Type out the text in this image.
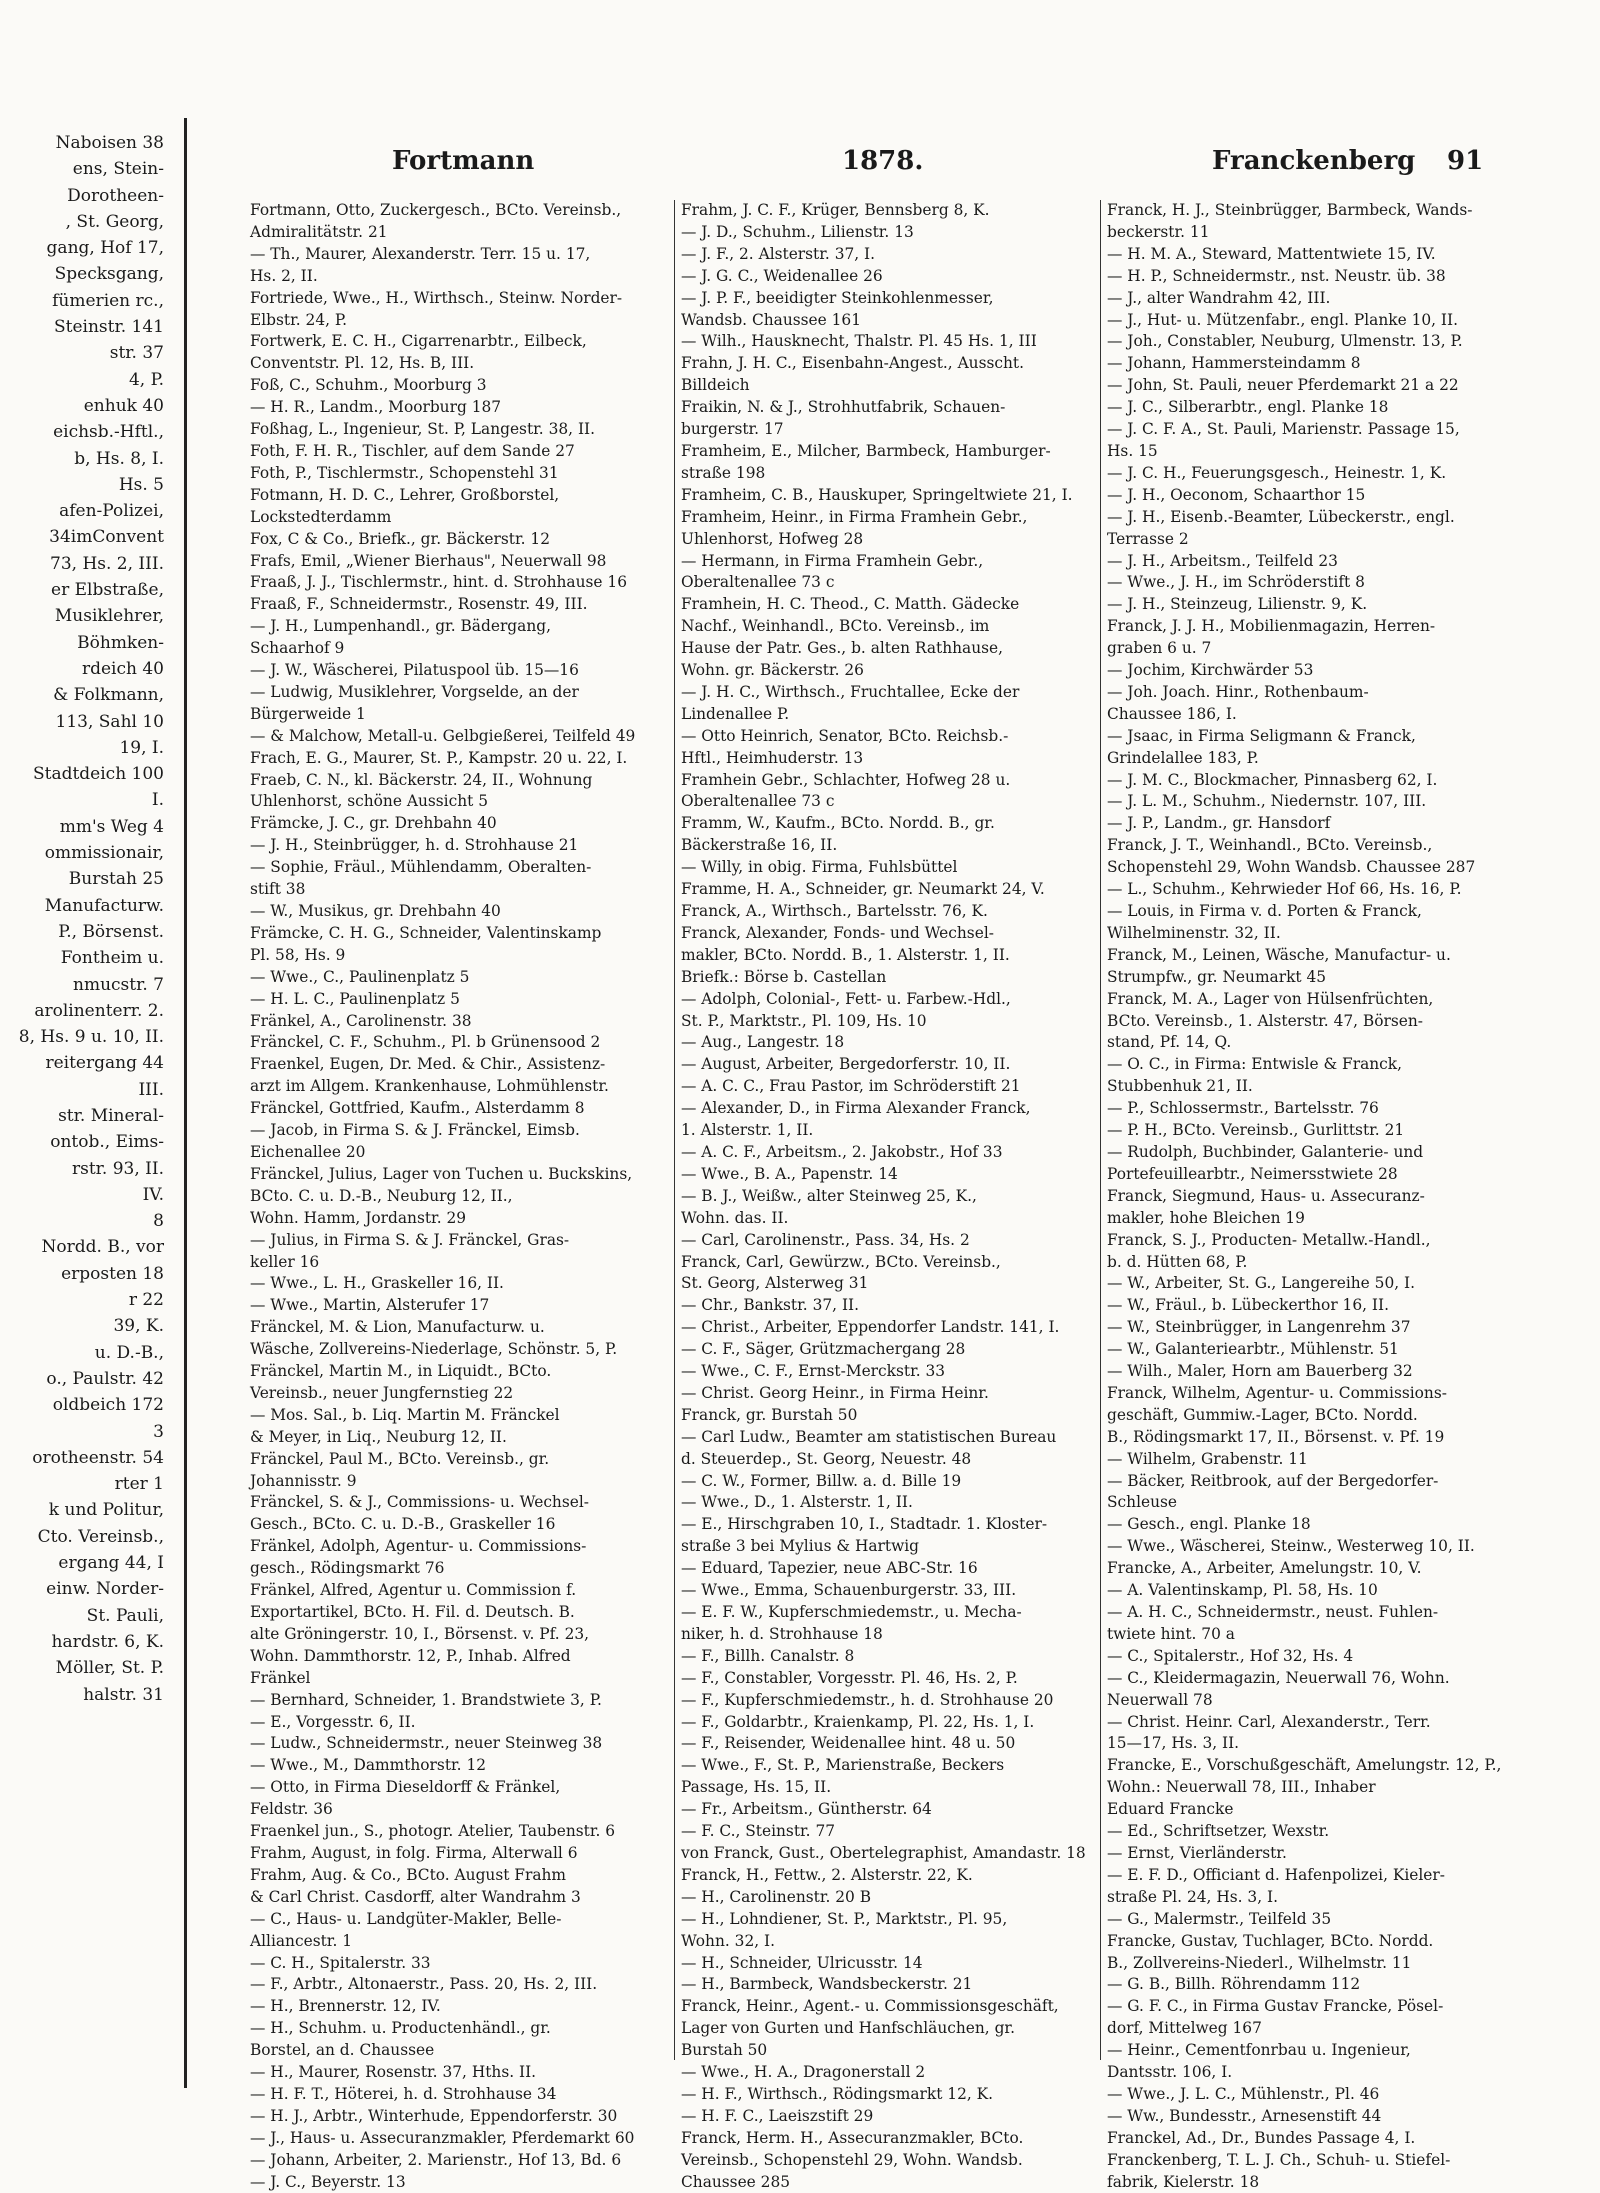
Naboisen 38
ens, Stein-
Dorotheen-
, St. Georg,
gang, Hof 17,
Specksgang,
fümerien rc.,
Steinstr. 141
str. 37
4, P.
enhuk 40
eichsb.-Hftl.,
b, Hs. 8, I.
Hs. 5
afen-Polizei,
34imConvent
73, Hs. 2, III.
er Elbstraße,
Musiklehrer,
Böhmken-
rdeich 40
& Folkmann,
113, Sahl 10
19, I.
Stadtdeich 100
I.
mm's Weg 4
ommissionair,
Burstah 25
Manufacturw.
P., Börsenst.
Fontheim u.
nmucstr. 7
arolinenterr. 2.
8, Hs. 9 u. 10, II.
reitergang 44
III.
str. Mineral-
ontob., Eims-
rstr. 93, II.
IV.
8
Nordd. B., vor
erposten 18
r 22
39, K.
u. D.-B.,
o., Paulstr. 42
oldbeich 172
3
orotheenstr. 54
rter 1
k und Politur,
Cto. Vereinsb.,
ergang 44, I
einw. Norder-
St. Pauli,
hardstr. 6, K.
Möller, St. P.
halstr. 31
Fortmann	1878.	Franckenberg 91
Fortmann, Otto, Zuckergesch., BCto. Vereinsb.,
Admiralitätstr. 21
— Th., Maurer, Alexanderstr. Terr. 15 u. 17,
Hs. 2, II.
Fortriede, Wwe., H., Wirthsch., Steinw. Norder-
Elbstr. 24, P.
Fortwerk, E. C. H., Cigarrenarbtr., Eilbeck,
Conventstr. Pl. 12, Hs. B, III.
Foß, C., Schuhm., Moorburg 3
— H. R., Landm., Moorburg 187
Foßhag, L., Ingenieur, St. P, Langestr. 38, II.
Foth, F. H. R., Tischler, auf dem Sande 27
Foth, P., Tischlermstr., Schopenstehl 31
Fotmann, H. D. C., Lehrer, Großborstel,
Lockstedterdamm
Fox, C & Co., Briefk., gr. Bäckerstr. 12
Frafs, Emil, „Wiener Bierhaus", Neuerwall 98
Fraaß, J. J., Tischlermstr., hint. d. Strohhause 16
Fraaß, F., Schneidermstr., Rosenstr. 49, III.
— J. H., Lumpenhandl., gr. Bädergang,
Schaarhof 9
— J. W., Wäscherei, Pilatuspool üb. 15—16
— Ludwig, Musiklehrer, Vorgselde, an der
Bürgerweide 1
— & Malchow, Metall-u. Gelbgießerei, Teilfeld 49
Frach, E. G., Maurer, St. P., Kampstr. 20 u. 22, I.
Fraeb, C. N., kl. Bäckerstr. 24, II., Wohnung
Uhlenhorst, schöne Aussicht 5
Främcke, J. C., gr. Drehbahn 40
— J. H., Steinbrügger, h. d. Strohhause 21
— Sophie, Fräul., Mühlendamm, Oberalten-
stift 38
— W., Musikus, gr. Drehbahn 40
Främcke, C. H. G., Schneider, Valentinskamp
Pl. 58, Hs. 9
— Wwe., C., Paulinenplatz 5
— H. L. C., Paulinenplatz 5
Fränkel, A., Carolinenstr. 38
Fränckel, C. F., Schuhm., Pl. b Grünensood 2
Fraenkel, Eugen, Dr. Med. & Chir., Assistenz-
arzt im Allgem. Krankenhause, Lohmühlenstr.
Fränckel, Gottfried, Kaufm., Alsterdamm 8
— Jacob, in Firma S. & J. Fränckel, Eimsb.
Eichenallee 20
Fränckel, Julius, Lager von Tuchen u. Buckskins,
BCto. C. u. D.-B., Neuburg 12, II.,
Wohn. Hamm, Jordanstr. 29
— Julius, in Firma S. & J. Fränckel, Gras-
keller 16
— Wwe., L. H., Graskeller 16, II.
— Wwe., Martin, Alsterufer 17
Fränckel, M. & Lion, Manufacturw. u.
Wäsche, Zollvereins-Niederlage, Schönstr. 5, P.
Fränckel, Martin M., in Liquidt., BCto.
Vereinsb., neuer Jungfernstieg 22
— Mos. Sal., b. Liq. Martin M. Fränckel
& Meyer, in Liq., Neuburg 12, II.
Fränckel, Paul M., BCto. Vereinsb., gr.
Johannisstr. 9
Fränckel, S. & J., Commissions- u. Wechsel-
Gesch., BCto. C. u. D.-B., Graskeller 16
Fränkel, Adolph, Agentur- u. Commissions-
gesch., Rödingsmarkt 76
Fränkel, Alfred, Agentur u. Commission f.
Exportartikel, BCto. H. Fil. d. Deutsch. B.
alte Gröningerstr. 10, I., Börsenst. v. Pf. 23,
Wohn. Dammthorstr. 12, P., Inhab. Alfred
Fränkel
— Bernhard, Schneider, 1. Brandstwiete 3, P.
— E., Vorgesstr. 6, II.
— Ludw., Schneidermstr., neuer Steinweg 38
— Wwe., M., Dammthorstr. 12
— Otto, in Firma Dieseldorff & Fränkel,
Feldstr. 36
Fraenkel jun., S., photogr. Atelier, Taubenstr. 6
Frahm, August, in folg. Firma, Alterwall 6
Frahm, Aug. & Co., BCto. August Frahm
& Carl Christ. Casdorff, alter Wandrahm 3
— C., Haus- u. Landgüter-Makler, Belle-
Alliancestr. 1
— C. H., Spitalerstr. 33
— F., Arbtr., Altonaerstr., Pass. 20, Hs. 2, III.
— H., Brennerstr. 12, IV.
— H., Schuhm. u. Productenhändl., gr.
Borstel, an d. Chaussee
— H., Maurer, Rosenstr. 37, Hths. II.
— H. F. T., Höterei, h. d. Strohhause 34
— H. J., Arbtr., Winterhude, Eppendorferstr. 30
— J., Haus- u. Assecuranzmakler, Pferdemarkt 60
— Johann, Arbeiter, 2. Marienstr., Hof 13, Bd. 6
— J. C., Beyerstr. 13
Frahm, J. C. F., Krüger, Bennsberg 8, K.
— J. D., Schuhm., Lilienstr. 13
— J. F., 2. Alsterstr. 37, I.
— J. G. C., Weidenallee 26
— J. P. F., beeidigter Steinkohlenmesser,
Wandsb. Chaussee 161
— Wilh., Hausknecht, Thalstr. Pl. 45 Hs. 1, III
Frahn, J. H. C., Eisenbahn-Angest., Ausscht.
Billdeich
Fraikin, N. & J., Strohhutfabrik, Schauen-
burgerstr. 17
Framheim, E., Milcher, Barmbeck, Hamburger-
straße 198
Framheim, C. B., Hauskuper, Springeltwiete 21, I.
Framheim, Heinr., in Firma Framhein Gebr.,
Uhlenhorst, Hofweg 28
— Hermann, in Firma Framhein Gebr.,
Oberaltenallee 73 c
Framhein, H. C. Theod., C. Matth. Gädecke
Nachf., Weinhandl., BCto. Vereinsb., im
Hause der Patr. Ges., b. alten Rathhause,
Wohn. gr. Bäckerstr. 26
— J. H. C., Wirthsch., Fruchtallee, Ecke der
Lindenallee P.
— Otto Heinrich, Senator, BCto. Reichsb.-
Hftl., Heimhuderstr. 13
Framhein Gebr., Schlachter, Hofweg 28 u.
Oberaltenallee 73 c
Framm, W., Kaufm., BCto. Nordd. B., gr.
Bäckerstraße 16, II.
— Willy, in obig. Firma, Fuhlsbüttel
Framme, H. A., Schneider, gr. Neumarkt 24, V.
Franck, A., Wirthsch., Bartelsstr. 76, K.
Franck, Alexander, Fonds- und Wechsel-
makler, BCto. Nordd. B., 1. Alsterstr. 1, II.
Briefk.: Börse b. Castellan
— Adolph, Colonial-, Fett- u. Farbew.-Hdl.,
St. P., Marktstr., Pl. 109, Hs. 10
— Aug., Langestr. 18
— August, Arbeiter, Bergedorferstr. 10, II.
— A. C. C., Frau Pastor, im Schröderstift 21
— Alexander, D., in Firma Alexander Franck,
1. Alsterstr. 1, II.
— A. C. F., Arbeitsm., 2. Jakobstr., Hof 33
— Wwe., B. A., Papenstr. 14
— B. J., Weißw., alter Steinweg 25, K.,
Wohn. das. II.
— Carl, Carolinenstr., Pass. 34, Hs. 2
Franck, Carl, Gewürzw., BCto. Vereinsb.,
St. Georg, Alsterweg 31
— Chr., Bankstr. 37, II.
— Christ., Arbeiter, Eppendorfer Landstr. 141, I.
— C. F., Säger, Grützmachergang 28
— Wwe., C. F., Ernst-Merckstr. 33
— Christ. Georg Heinr., in Firma Heinr.
Franck, gr. Burstah 50
— Carl Ludw., Beamter am statistischen Bureau
d. Steuerdep., St. Georg, Neuestr. 48
— C. W., Former, Billw. a. d. Bille 19
— Wwe., D., 1. Alsterstr. 1, II.
— E., Hirschgraben 10, I., Stadtadr. 1. Kloster-
straße 3 bei Mylius & Hartwig
— Eduard, Tapezier, neue ABC-Str. 16
— Wwe., Emma, Schauenburgerstr. 33, III.
— E. F. W., Kupferschmiedemstr., u. Mecha-
niker, h. d. Strohhause 18
— F., Billh. Canalstr. 8
— F., Constabler, Vorgesstr. Pl. 46, Hs. 2, P.
— F., Kupferschmiedemstr., h. d. Strohhause 20
— F., Goldarbtr., Kraienkamp, Pl. 22, Hs. 1, I.
— F., Reisender, Weidenallee hint. 48 u. 50
— Wwe., F., St. P., Marienstraße, Beckers
Passage, Hs. 15, II.
— Fr., Arbeitsm., Güntherstr. 64
— F. C., Steinstr. 77
von Franck, Gust., Obertelegraphist, Amandastr. 18
Franck, H., Fettw., 2. Alsterstr. 22, K.
— H., Carolinenstr. 20 B
— H., Lohndiener, St. P., Marktstr., Pl. 95,
Wohn. 32, I.
— H., Schneider, Ulricusstr. 14
— H., Barmbeck, Wandsbeckerstr. 21
Franck, Heinr., Agent.- u. Commissionsgeschäft,
Lager von Gurten und Hanfschläuchen, gr.
Burstah 50
— Wwe., H. A., Dragonerstall 2
— H. F., Wirthsch., Rödingsmarkt 12, K.
— H. F. C., Laeiszstift 29
Franck, Herm. H., Assecuranzmakler, BCto.
Vereinsb., Schopenstehl 29, Wohn. Wandsb.
Chaussee 285
Franck, H. J., Steinbrügger, Barmbeck, Wands-
beckerstr. 11
— H. M. A., Steward, Mattentwiete 15, IV.
— H. P., Schneidermstr., nst. Neustr. üb. 38
— J., alter Wandrahm 42, III.
— J., Hut- u. Mützenfabr., engl. Planke 10, II.
— Joh., Constabler, Neuburg, Ulmenstr. 13, P.
— Johann, Hammersteindamm 8
— John, St. Pauli, neuer Pferdemarkt 21 a 22
— J. C., Silberarbtr., engl. Planke 18
— J. C. F. A., St. Pauli, Marienstr. Passage 15,
Hs. 15
— J. C. H., Feuerungsgesch., Heinestr. 1, K.
— J. H., Oeconom, Schaarthor 15
— J. H., Eisenb.-Beamter, Lübeckerstr., engl.
Terrasse 2
— J. H., Arbeitsm., Teilfeld 23
— Wwe., J. H., im Schröderstift 8
— J. H., Steinzeug, Lilienstr. 9, K.
Franck, J. J. H., Mobilienmagazin, Herren-
graben 6 u. 7
— Jochim, Kirchwärder 53
— Joh. Joach. Hinr., Rothenbaum-
Chaussee 186, I.
— Jsaac, in Firma Seligmann & Franck,
Grindelallee 183, P.
— J. M. C., Blockmacher, Pinnasberg 62, I.
— J. L. M., Schuhm., Niedernstr. 107, III.
— J. P., Landm., gr. Hansdorf
Franck, J. T., Weinhandl., BCto. Vereinsb.,
Schopenstehl 29, Wohn Wandsb. Chaussee 287
— L., Schuhm., Kehrwieder Hof 66, Hs. 16, P.
— Louis, in Firma v. d. Porten & Franck,
Wilhelminenstr. 32, II.
Franck, M., Leinen, Wäsche, Manufactur- u.
Strumpfw., gr. Neumarkt 45
Franck, M. A., Lager von Hülsenfrüchten,
BCto. Vereinsb., 1. Alsterstr. 47, Börsen-
stand, Pf. 14, Q.
— O. C., in Firma: Entwisle & Franck,
Stubbenhuk 21, II.
— P., Schlossermstr., Bartelsstr. 76
— P. H., BCto. Vereinsb., Gurlittstr. 21
— Rudolph, Buchbinder, Galanterie- und
Portefeuillearbtr., Neimersstwiete 28
Franck, Siegmund, Haus- u. Assecuranz-
makler, hohe Bleichen 19
Franck, S. J., Producten- Metallw.-Handl.,
b. d. Hütten 68, P.
— W., Arbeiter, St. G., Langereihe 50, I.
— W., Fräul., b. Lübeckerthor 16, II.
— W., Steinbrügger, in Langenrehm 37
— W., Galanteriearbtr., Mühlenstr. 51
— Wilh., Maler, Horn am Bauerberg 32
Franck, Wilhelm, Agentur- u. Commissions-
geschäft, Gummiw.-Lager, BCto. Nordd.
B., Rödingsmarkt 17, II., Börsenst. v. Pf. 19
— Wilhelm, Grabenstr. 11
— Bäcker, Reitbrook, auf der Bergedorfer-
Schleuse
— Gesch., engl. Planke 18
— Wwe., Wäscherei, Steinw., Westerweg 10, II.
Francke, A., Arbeiter, Amelungstr. 10, V.
— A. Valentinskamp, Pl. 58, Hs. 10
— A. H. C., Schneidermstr., neust. Fuhlen-
twiete hint. 70 a
— C., Spitalerstr., Hof 32, Hs. 4
— C., Kleidermagazin, Neuerwall 76, Wohn.
Neuerwall 78
— Christ. Heinr. Carl, Alexanderstr., Terr.
15—17, Hs. 3, II.
Francke, E., Vorschußgeschäft, Amelungstr. 12, P.,
Wohn.: Neuerwall 78, III., Inhaber
Eduard Francke
— Ed., Schriftsetzer, Wexstr.
— Ernst, Vierländerstr.
— E. F. D., Officiant d. Hafenpolizei, Kieler-
straße Pl. 24, Hs. 3, I.
— G., Malermstr., Teilfeld 35
Francke, Gustav, Tuchlager, BCto. Nordd.
B., Zollvereins-Niederl., Wilhelmstr. 11
— G. B., Billh. Röhrendamm 112
— G. F. C., in Firma Gustav Francke, Pösel-
dorf, Mittelweg 167
— Heinr., Cementfonrbau u. Ingenieur,
Dantsstr. 106, I.
— Wwe., J. L. C., Mühlenstr., Pl. 46
— Ww., Bundesstr., Arnesenstift 44
Franckel, Ad., Dr., Bundes Passage 4, I.
Franckenberg, T. L. J. Ch., Schuh- u. Stiefel-
fabrik, Kielerstr. 18
